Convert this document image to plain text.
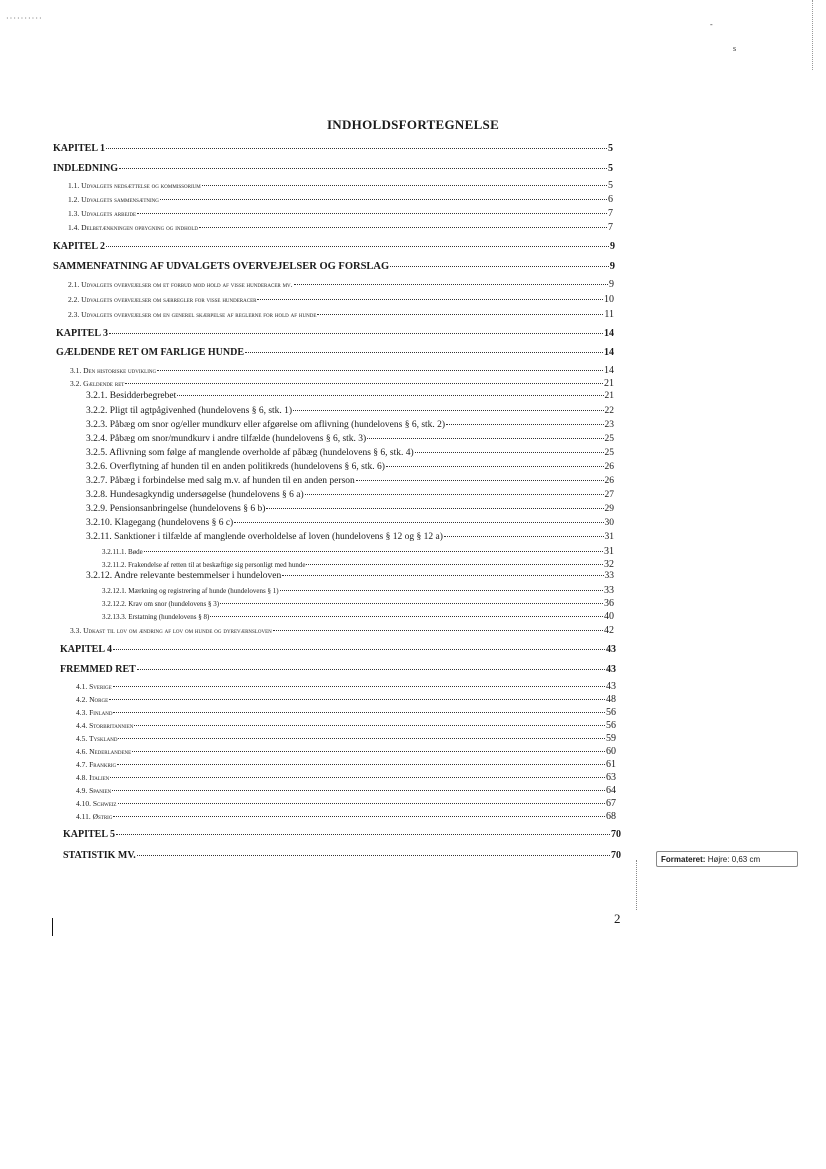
··········
-
s
INDHOLDSFORTEGNELSE
KAPITEL 1	5
INDLEDNING	5
1.1. Udvalgets nedsættelse og kommissorium	5
1.2. Udvalgets sammensætning	6
1.3. Udvalgets arbejde	7
1.4. Delbetænkningen opbygning og indhold	7
KAPITEL 2	9
SAMMENFATNING AF UDVALGETS OVERVEJELSER OG FORSLAG	9
2.1. Udvalgets overvejelser om et forbud mod hold af visse hunderacer mv.	9
2.2. Udvalgets overvejelser om særregler for visse hunderacer	10
2.3. Udvalgets overvejelser om en generel skærpelse af reglerne for hold af hunde	11
KAPITEL 3	14
GÆLDENDE RET OM FARLIGE HUNDE	14
3.1. Den historiske udvikling	14
3.2. Gældende ret	21
3.2.1. Besidderbegrebet	21
3.2.2. Pligt til agtpågivenhed (hundelovens § 6, stk. 1)	22
3.2.3. Påbæg om snor og/eller mundkurv eller afgørelse om aflivning (hundelovens § 6, stk. 2)	23
3.2.4. Påbæg om snor/mundkurv i andre tilfælde (hundelovens § 6, stk. 3)	25
3.2.5. Aflivning som følge af manglende overholde af påbæg (hundelovens § 6, stk. 4)	25
3.2.6. Overflytning af hunden til en anden politikreds (hundelovens § 6, stk. 6)	26
3.2.7. Påbæg i forbindelse med salg m.v. af hunden til en anden person	26
3.2.8. Hundesagkyndig undersøgelse (hundelovens § 6 a)	27
3.2.9. Pensionsanbringelse (hundelovens § 6 b)	29
3.2.10. Klagegang (hundelovens § 6 c)	30
3.2.11. Sanktioner i tilfælde af manglende overholdelse af loven (hundelovens § 12 og § 12 a)	31
3.2.11.1. Bøde	31
3.2.11.2. Frakendelse af retten til at beskæftige sig personligt med hunde	32
3.2.12. Andre relevante bestemmelser i hundeloven	33
3.2.12.1. Mærkning og registrering af hunde (hundelovens § 1)	33
3.2.12.2. Krav om snor (hundelovens § 3)	36
3.2.13.3. Erstatning (hundelovens § 8)	40
3.3. Udkast til lov om ændring af lov om hunde og dyreværnsloven	42
KAPITEL 4	43
FREMMED RET	43
4.1. Sverige	43
4.2. Norge	48
4.3. Finland	56
4.4. Storbritannien	56
4.5. Tyskland	59
4.6. Nederlandene	60
4.7. Frankrig	61
4.8. Italien	63
4.9. Spanien	64
4.10. Schweiz	67
4.11. Østrig	68
KAPITEL 5	70
STATISTIK MV.	70	Formateret: Højre: 0,63 cm
2
